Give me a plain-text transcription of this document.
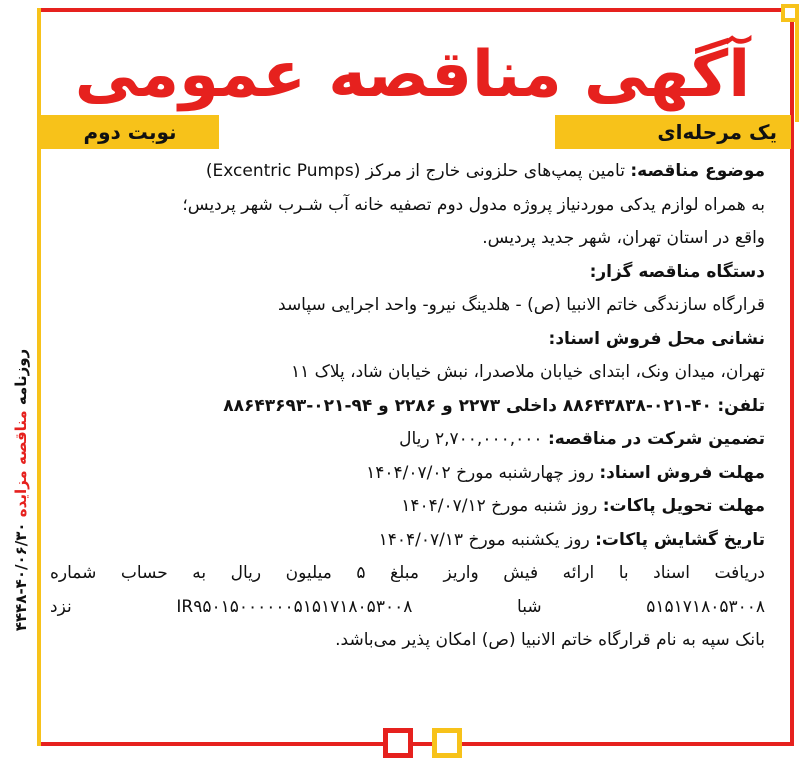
آگهی مناقصه عمومی
یک مرحله‌ای
نوبت دوم
روزنامه مناقصه مزایده ۴۰/۰۶/۳۰-۴۴۴۸

موضوع مناقصه: تامین پمپ‌های حلزونی خارج از مرکز (Excentric Pumps)

به همراه لوازم یدکی موردنیاز پروژه مدول دوم تصفیه خانه آب شـرب شهر پردیس؛

واقع در استان تهران، شهر جدید پردیس.

دستگاه مناقصه گزار:

قرارگاه سازندگی خاتم الانبیا (ص) - هلدینگ نیرو- واحد اجرایی سپاسد

نشانی محل فروش اسناد:

تهران، میدان ونک، ابتدای خیابان ملاصدرا، نبش خیابان شاد، پلاک ۱۱

تلفن: ۴۰-۰۲۱-۸۸۶۴۳۸۳۸ داخلی ۲۲۷۳ و ۲۲۸۶ و ۹۴-۰۲۱-۸۸۶۴۳۶۹۳

تضمین شرکت در مناقصه: ۲,۷۰۰,۰۰۰,۰۰۰ ریال

مهلت فروش اسناد: روز چهارشنبه مورخ ۱۴۰۴/۰۷/۰۲

مهلت تحویل پاکات: روز شنبه مورخ ۱۴۰۴/۰۷/۱۲

تاریخ گشایش پاکات: روز یکشنبه مورخ ۱۴۰۴/۰۷/۱۳

دریافت اسناد با ارائه فیش واریز مبلغ ۵ میلیون ریال به حساب شماره

۵۱۵۱۷۱۸۰۵۳۰۰۸ شبا IR۹۵۰۱۵۰۰۰۰۰۰۵۱۵۱۷۱۸۰۵۳۰۰۸ نزد

بانک سپه به نام قرارگاه خاتم الانبیا (ص) امکان پذیر می‌باشد.
